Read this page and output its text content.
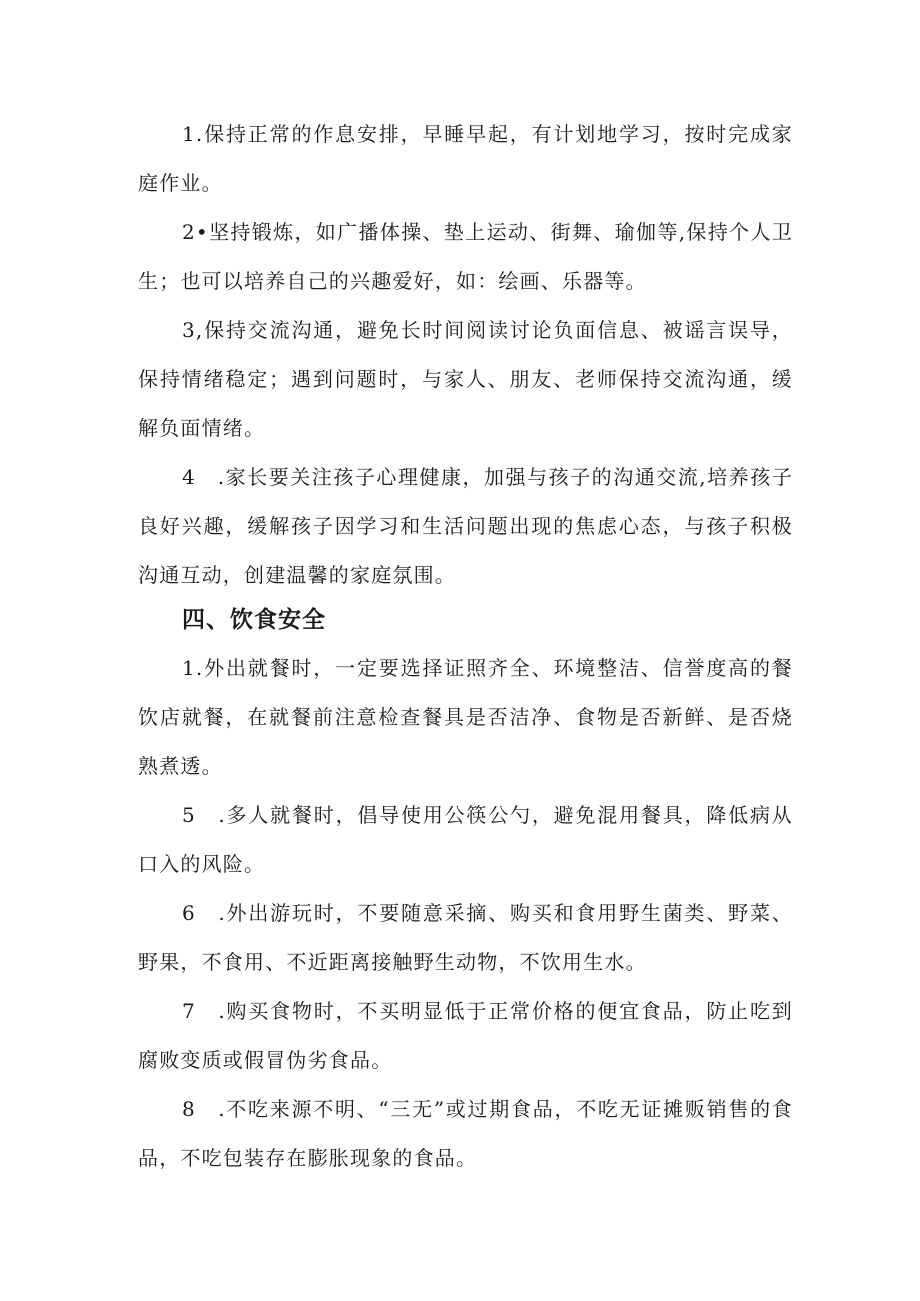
1.保持正常的作息安排，早睡早起，有计划地学习，按时完成家庭作业。

2•坚持锻炼，如广播体操、垫上运动、街舞、瑜伽等,保持个人卫生；也可以培养自己的兴趣爱好，如：绘画、乐器等。

3,保持交流沟通，避免长时间阅读讨论负面信息、被谣言误导，保持情绪稳定；遇到问题时，与家人、朋友、老师保持交流沟通，缓解负面情绪。

4　.家长要关注孩子心理健康，加强与孩子的沟通交流,培养孩子良好兴趣，缓解孩子因学习和生活问题出现的焦虑心态，与孩子积极沟通互动，创建温馨的家庭氛围。

四、饮食安全

1.外出就餐时，一定要选择证照齐全、环境整洁、信誉度高的餐饮店就餐，在就餐前注意检查餐具是否洁净、食物是否新鲜、是否烧熟煮透。

5　.多人就餐时，倡导使用公筷公勺，避免混用餐具，降低病从口入的风险。

6　.外出游玩时，不要随意采摘、购买和食用野生菌类、野菜、野果，不食用、不近距离接触野生动物，不饮用生水。

7　.购买食物时，不买明显低于正常价格的便宜食品，防止吃到腐败变质或假冒伪劣食品。

8　.不吃来源不明、“三无”或过期食品，不吃无证摊贩销售的食品，不吃包装存在膨胀现象的食品。
